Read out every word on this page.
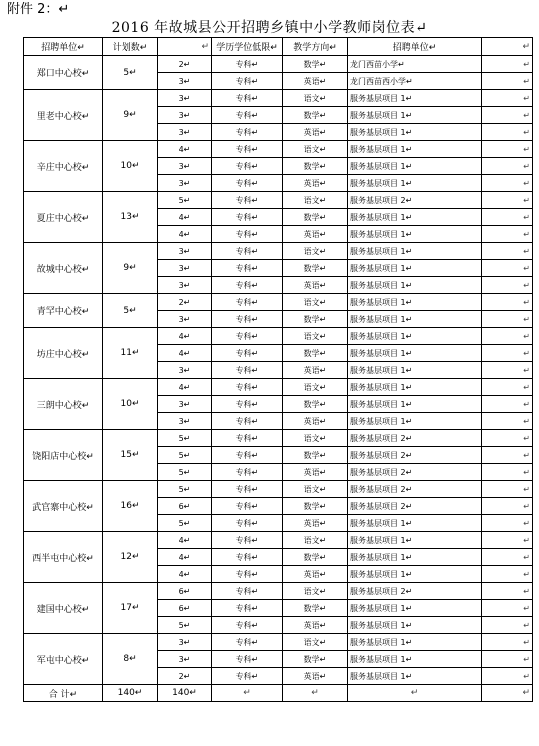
附件 2：↵
2016 年故城县公开招聘乡镇中小学教师岗位表↵
招聘单位↵	计划数↵	↵	学历学位低限↵	教学方向↵	招聘单位↵	↵
郑口中心校↵	5↵	2↵	专科↵	数学↵	龙门西苗小学↵	↵
		3↵	专科↵	英语↵	龙门西苗西小学↵	↵
里老中心校↵	9↵	3↵	专科↵	语文↵	服务基层项目 1↵	↵
		3↵	专科↵	数学↵	服务基层项目 1↵	↵
		3↵	专科↵	英语↵	服务基层项目 1↵	↵
辛庄中心校↵	10↵	4↵	专科↵	语文↵	服务基层项目 1↵	↵
		3↵	专科↵	数学↵	服务基层项目 1↵	↵
		3↵	专科↵	英语↵	服务基层项目 1↵	↵
夏庄中心校↵	13↵	5↵	专科↵	语文↵	服务基层项目 2↵	↵
		4↵	专科↵	数学↵	服务基层项目 1↵	↵
		4↵	专科↵	英语↵	服务基层项目 1↵	↵
故城中心校↵	9↵	3↵	专科↵	语文↵	服务基层项目 1↵	↵
		3↵	专科↵	数学↵	服务基层项目 1↵	↵
		3↵	专科↵	英语↵	服务基层项目 1↵	↵
青罕中心校↵	5↵	2↵	专科↵	语文↵	服务基层项目 1↵	↵
		3↵	专科↵	数学↵	服务基层项目 1↵	↵
坊庄中心校↵	11↵	4↵	专科↵	语文↵	服务基层项目 1↵	↵
		4↵	专科↵	数学↵	服务基层项目 1↵	↵
		3↵	专科↵	英语↵	服务基层项目 1↵	↵
三朗中心校↵	10↵	4↵	专科↵	语文↵	服务基层项目 1↵	↵
		3↵	专科↵	数学↵	服务基层项目 1↵	↵
		3↵	专科↵	英语↵	服务基层项目 1↵	↵
饶阳店中心校↵	15↵	5↵	专科↵	语文↵	服务基层项目 2↵	↵
		5↵	专科↵	数学↵	服务基层项目 2↵	↵
		5↵	专科↵	英语↵	服务基层项目 2↵	↵
武官寨中心校↵	16↵	5↵	专科↵	语文↵	服务基层项目 2↵	↵
		6↵	专科↵	数学↵	服务基层项目 2↵	↵
		5↵	专科↵	英语↵	服务基层项目 1↵	↵
西半屯中心校↵	12↵	4↵	专科↵	语文↵	服务基层项目 1↵	↵
		4↵	专科↵	数学↵	服务基层项目 1↵	↵
		4↵	专科↵	英语↵	服务基层项目 1↵	↵
建国中心校↵	17↵	6↵	专科↵	语文↵	服务基层项目 2↵	↵
		6↵	专科↵	数学↵	服务基层项目 1↵	↵
		5↵	专科↵	英语↵	服务基层项目 1↵	↵
军屯中心校↵	8↵	3↵	专科↵	语文↵	服务基层项目 1↵	↵
		3↵	专科↵	数学↵	服务基层项目 1↵	↵
		2↵	专科↵	英语↵	服务基层项目 1↵	↵
合 计↵	140↵	140↵	↵	↵	↵	↵
